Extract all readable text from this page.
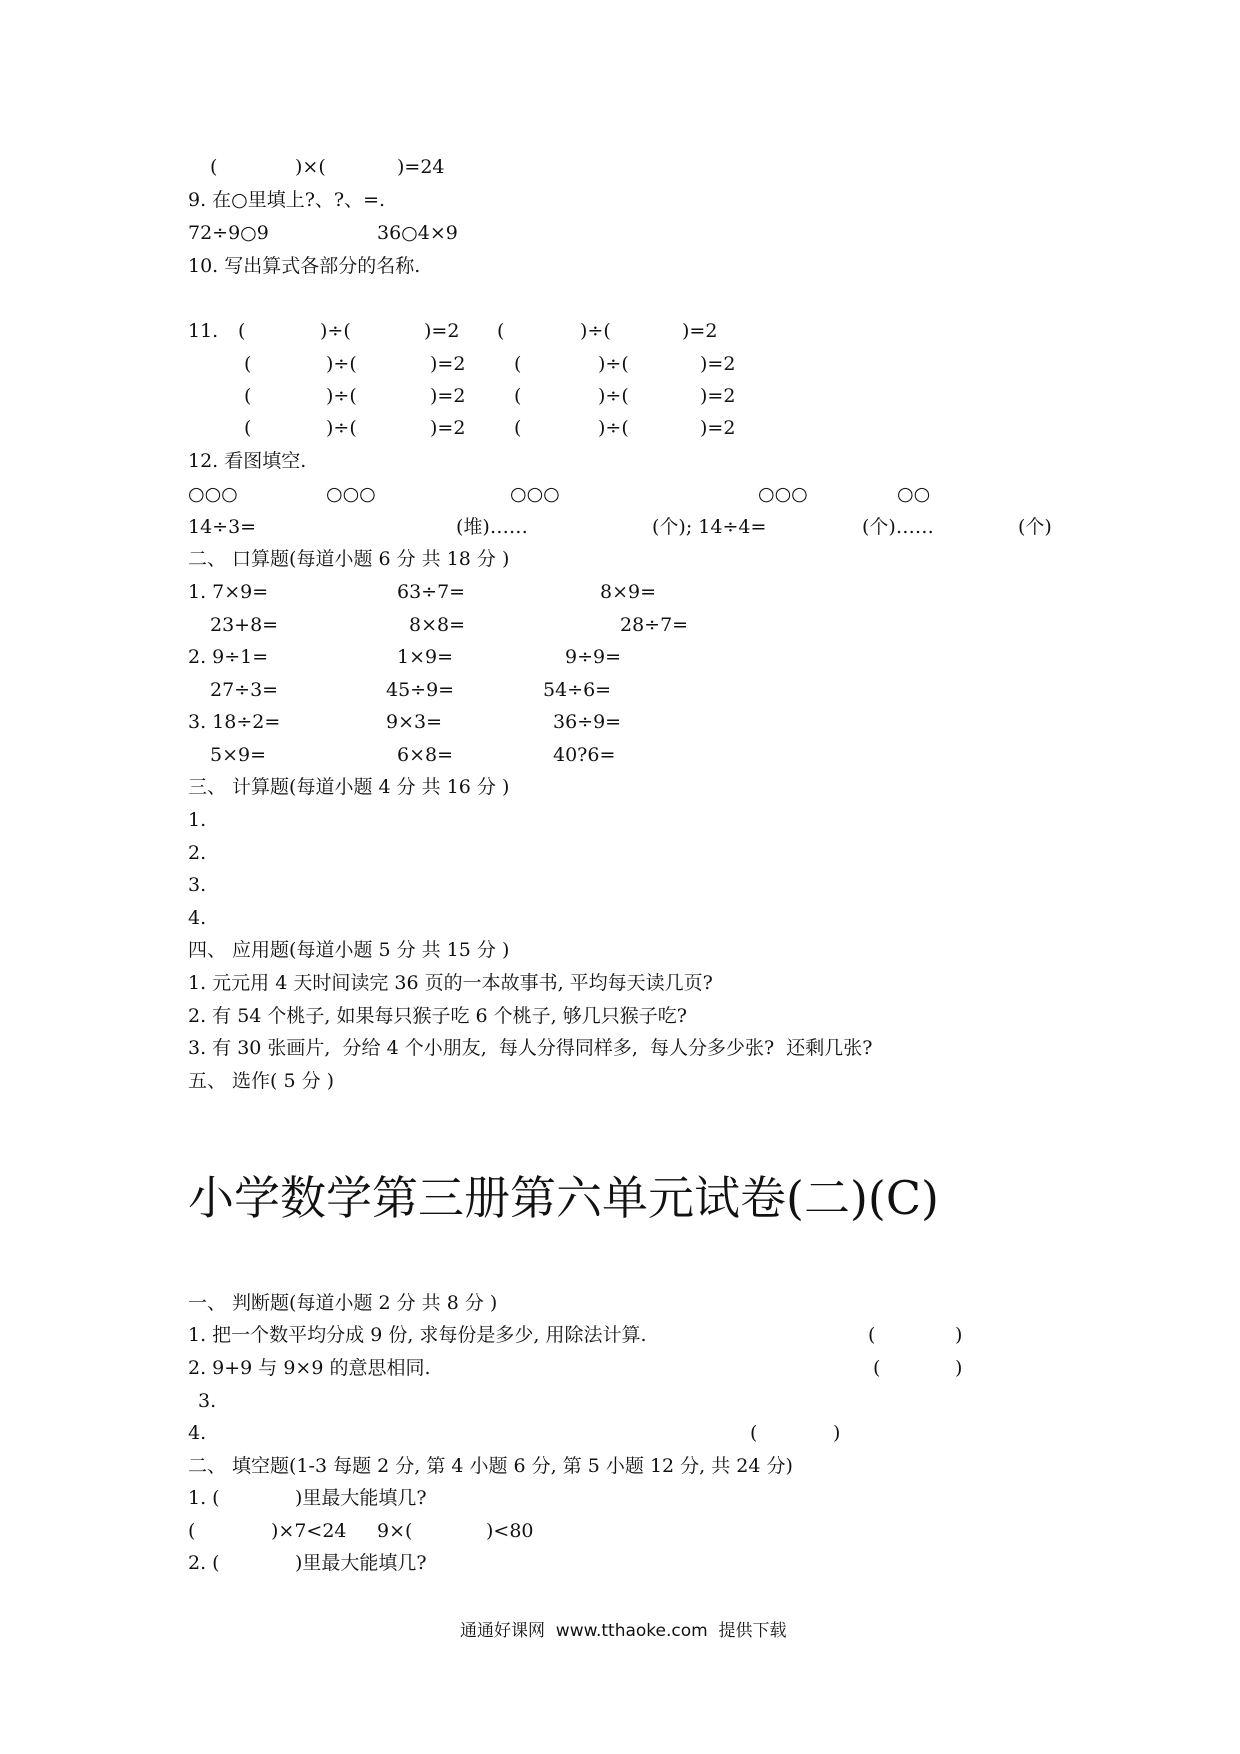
(	)×(	)=24
9. 在○里填上?、?、=.
72÷9○9	36○4×9
10. 写出算式各部分的名称.
11. (	)÷(	)=2 (	)÷(	)=2
(	)÷(	)=2	(	)÷(	)=2
(	)÷(	)=2	(	)÷(	)=2
(	)÷(	)=2	(	)÷(	)=2
12. 看图填空.
○○○	○○○	○○○	○○○	○○
14÷3=	(堆)……	(个); 14÷4=	(个)……	(个)
二、 口算题(每道小题 6 分 共 18 分 )
1. 7×9=	63÷7=	8×9=
23+8=	8×8=	28÷7=
2. 9÷1=	1×9=	9÷9=
27÷3=	45÷9=	54÷6=
3. 18÷2=	9×3=	36÷9=
5×9=	6×8=	40?6=
三、 计算题(每道小题 4 分 共 16 分 )
1.
2.
3.
4.
四、 应用题(每道小题 5 分 共 15 分 )
1. 元元用 4 天时间读完 36 页的一本故事书, 平均每天读几页?
2. 有 54 个桃子, 如果每只猴子吃 6 个桃子, 够几只猴子吃?
3. 有 30 张画片,  分给 4 个小朋友,  每人分得同样多,  每人分多少张?  还剩几张?
五、 选作( 5 分 )
小学数学第三册第六单元试卷(二)(C)
一、 判断题(每道小题 2 分 共 8 分 )
1. 把一个数平均分成 9 份, 求每份是多少, 用除法计算.	(	)
2. 9+9 与 9×9 的意思相同.	(	)
3.
4.	(	)
二、 填空题(1-3 每题 2 分, 第 4 小题 6 分, 第 5 小题 12 分, 共 24 分)
1. (	)里最大能填几?
(	)×7<24 9×(	)<80
2. (	)里最大能填几?
通通好课网  www.tthaoke.com  提供下载
